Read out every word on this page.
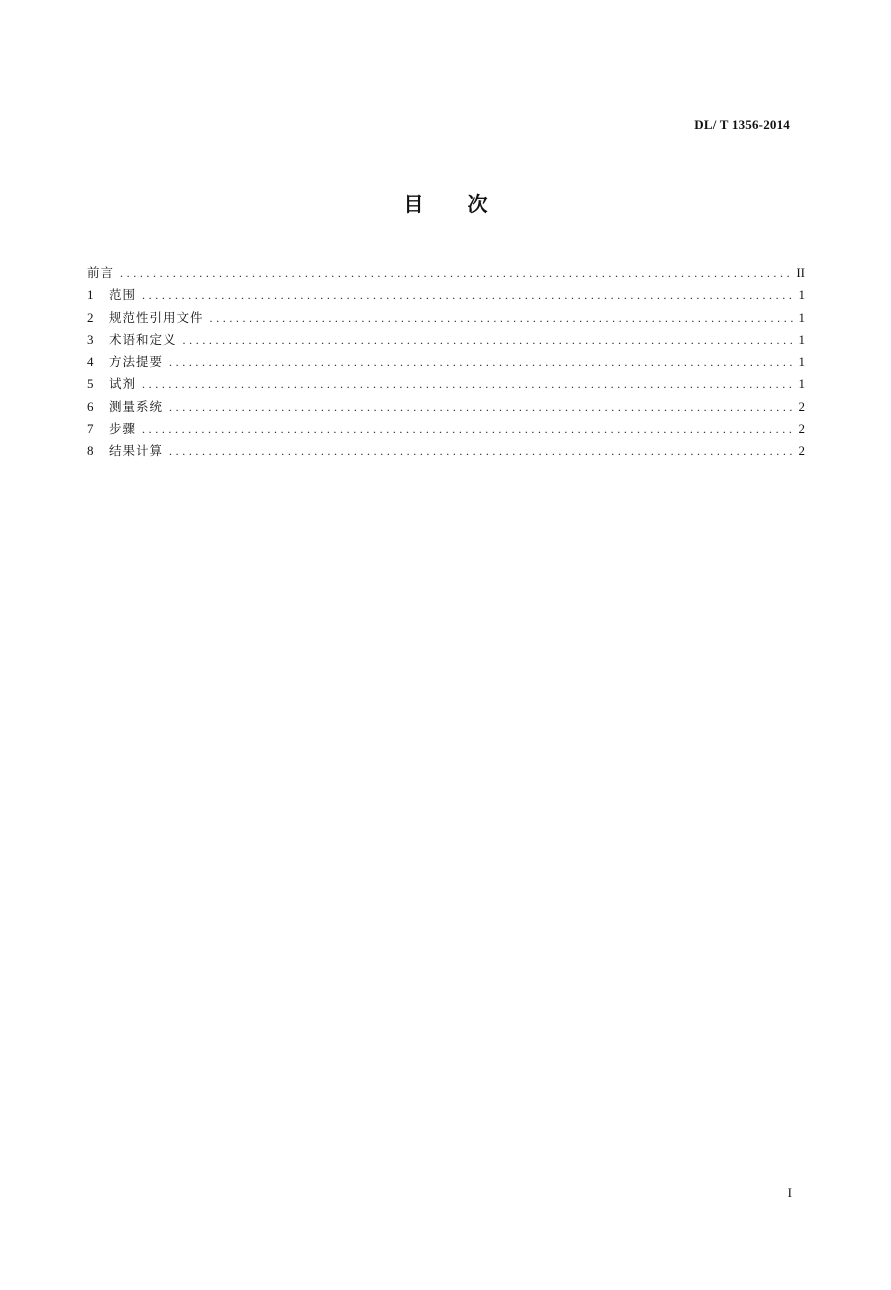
DL/ T 1356-2014
目 次
前言 .....	II
1	范围 .....	1
2	规范性引用文件 .....	1
3	术语和定义 .....	1
4	方法提要 .....	1
5	试剂 .....	1
6	测量系统 .....	2
7	步骤 .....	2
8	结果计算 .....	2
I
